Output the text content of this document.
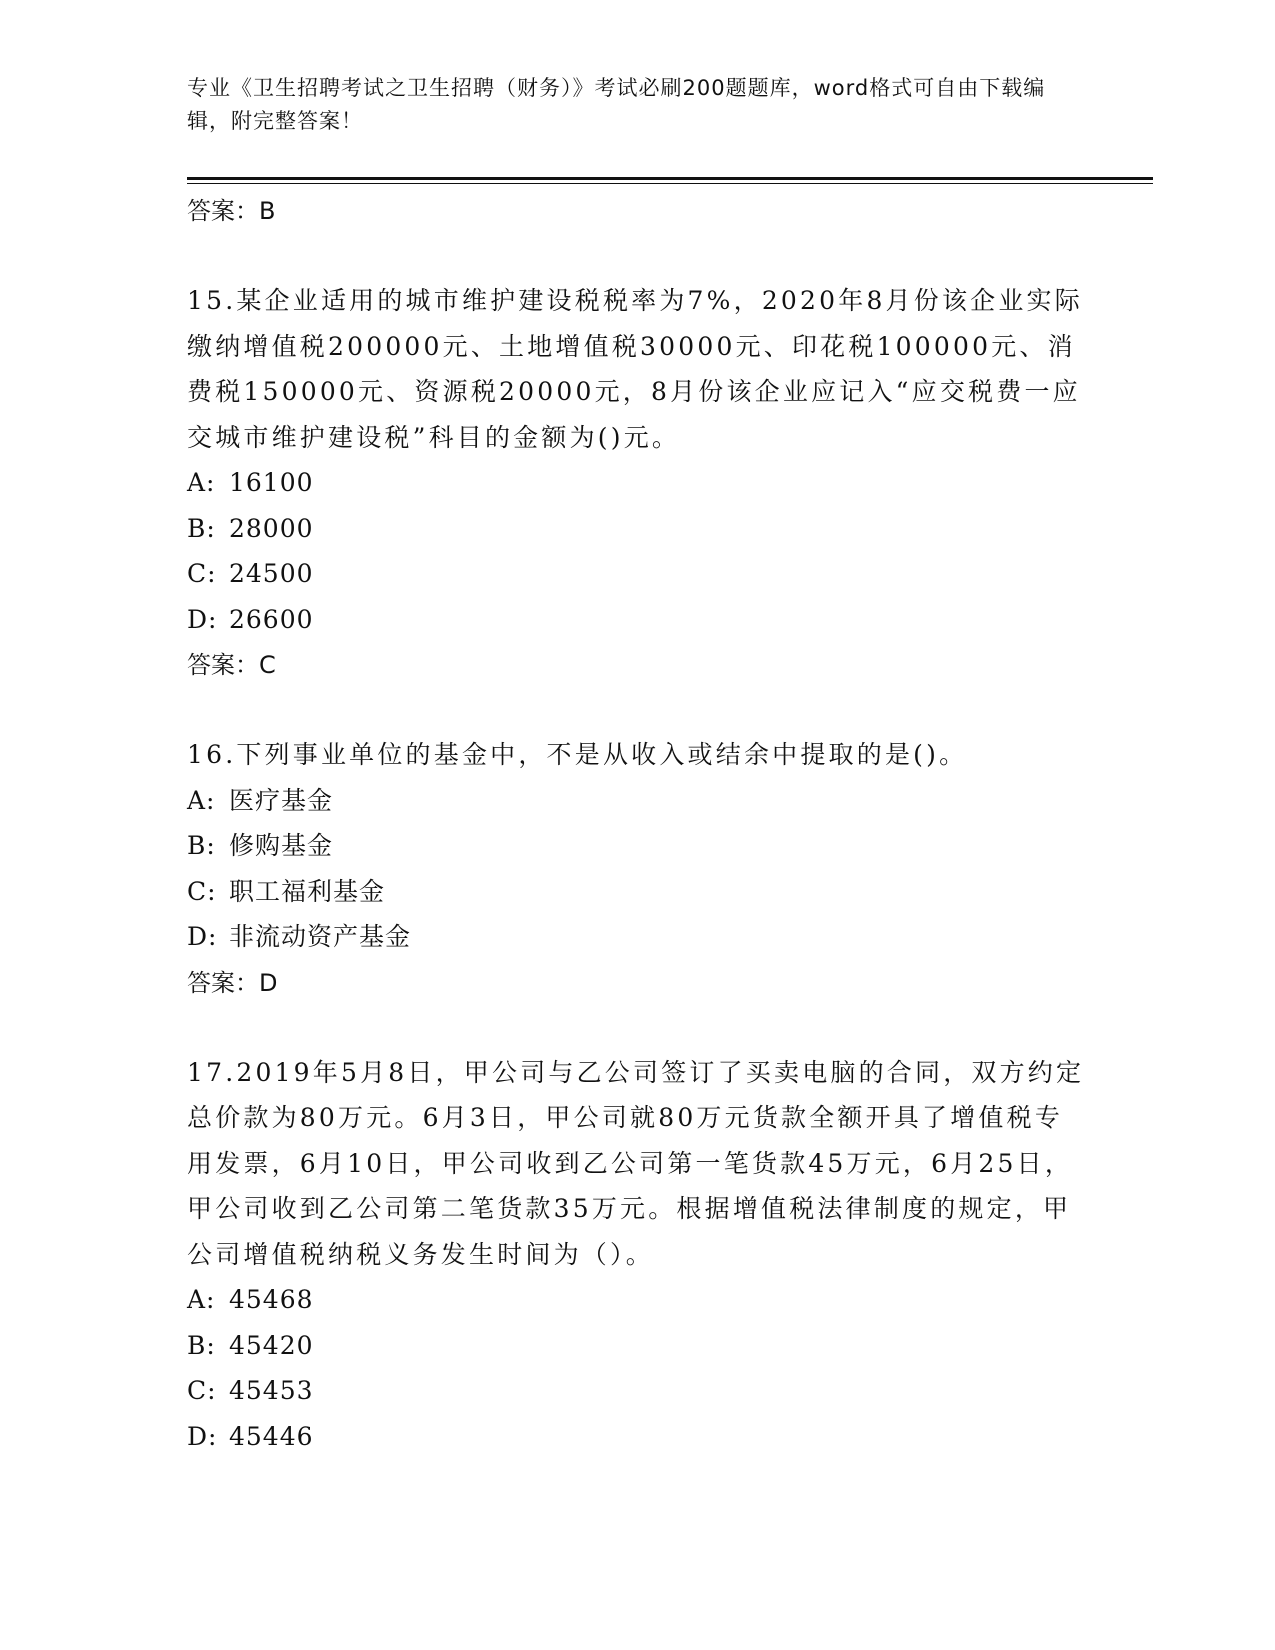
专业《卫生招聘考试之卫生招聘（财务）》考试必刷200题题库，word格式可自由下载编辑，附完整答案！
答案：B
15.某企业适用的城市维护建设税税率为7%，2020年8月份该企业实际缴纳增值税200000元、土地增值税30000元、印花税100000元、消费税150000元、资源税20000元，8月份该企业应记入“应交税费一应交城市维护建设税”科目的金额为()元。
A: 16100
B: 28000
C: 24500
D: 26600
答案：C
16.下列事业单位的基金中，不是从收入或结余中提取的是()。
A: 医疗基金
B: 修购基金
C: 职工福利基金
D: 非流动资产基金
答案：D
17.2019年5月8日，甲公司与乙公司签订了买卖电脑的合同，双方约定总价款为80万元。6月3日，甲公司就80万元货款全额开具了增值税专用发票，6月10日，甲公司收到乙公司第一笔货款45万元，6月25日，甲公司收到乙公司第二笔货款35万元。根据增值税法律制度的规定，甲公司增值税纳税义务发生时间为（）。
A: 45468
B: 45420
C: 45453
D: 45446
